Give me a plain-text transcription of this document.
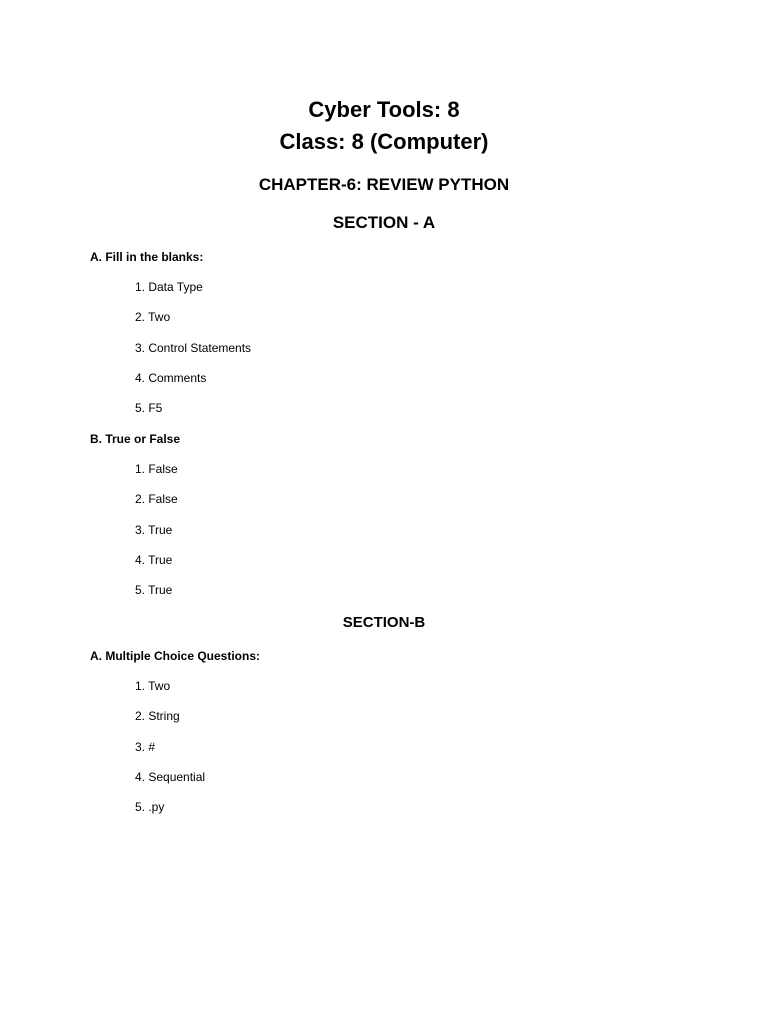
Cyber Tools: 8
Class: 8 (Computer)
CHAPTER-6: REVIEW PYTHON
SECTION - A
A. Fill in the blanks:
1. Data Type
2. Two
3. Control Statements
4. Comments
5. F5
B. True or False
1. False
2. False
3. True
4. True
5. True
SECTION-B
A. Multiple Choice Questions:
1. Two
2. String
3. #
4. Sequential
5. .py
